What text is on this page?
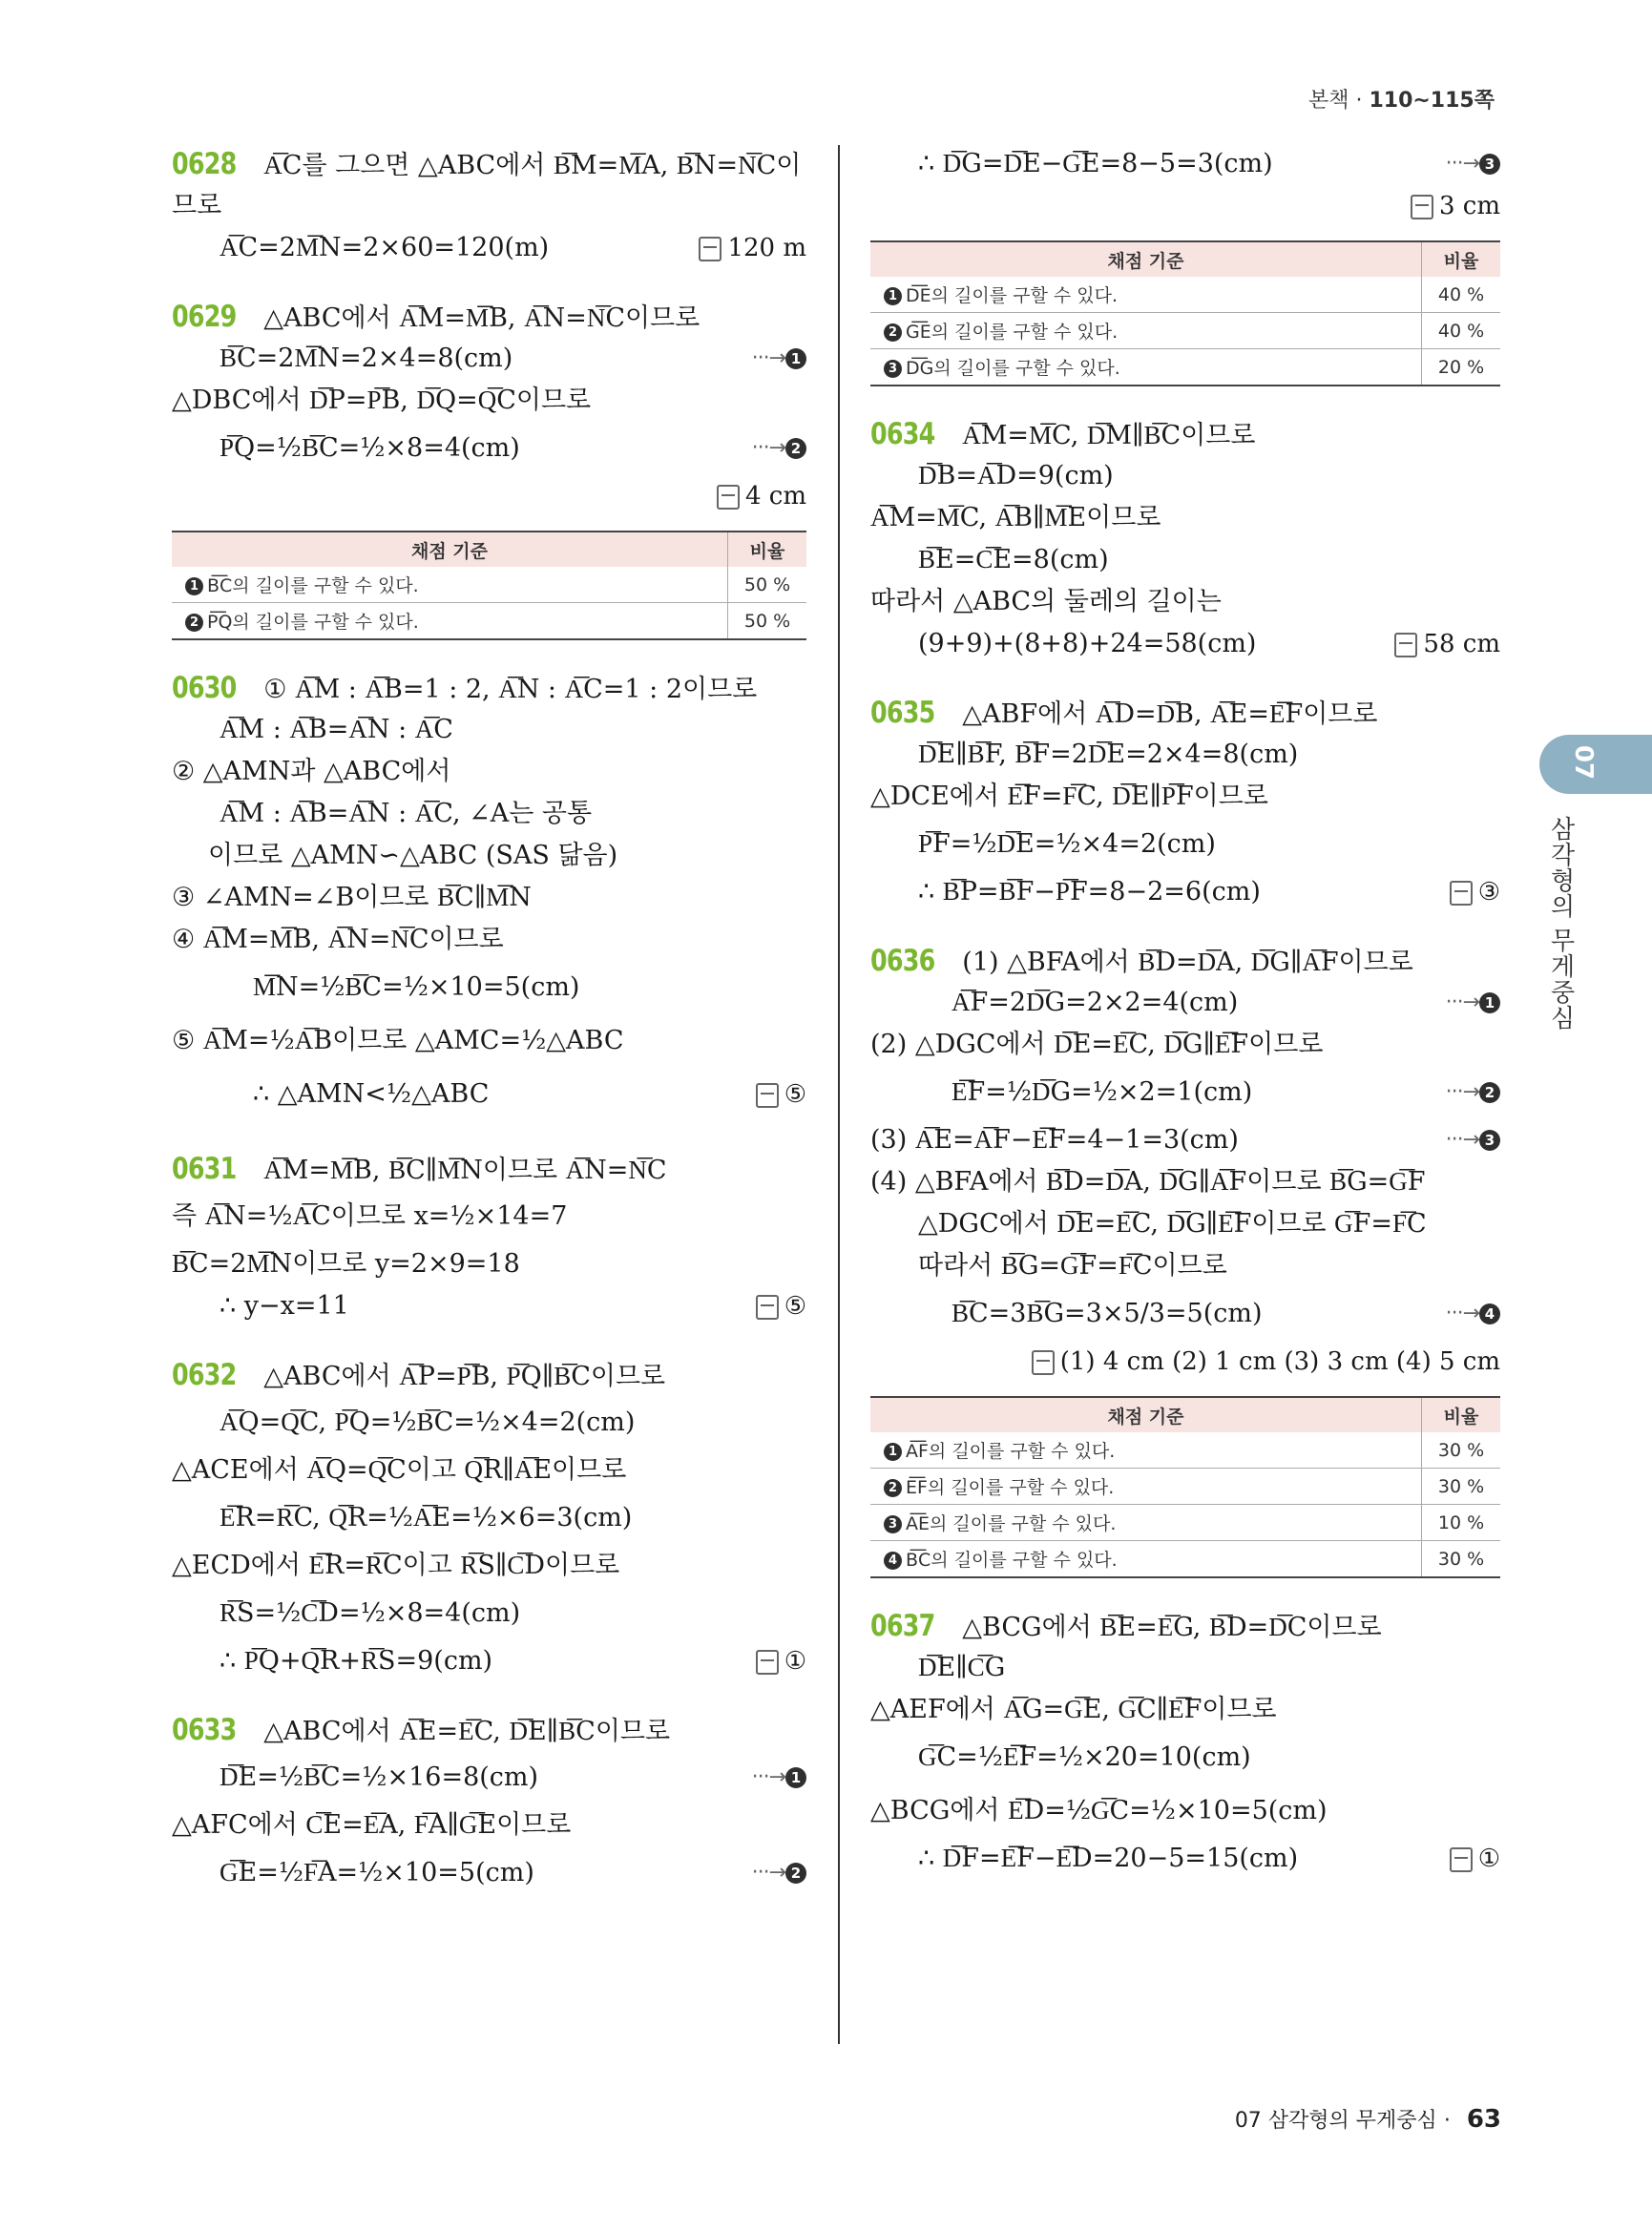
본책 · 110~115쪽
0628 A͞C를 그으면 △ABC에서 B͞M=M͞A, B͞N=N͞C이
므로
A͞C=2M͞N=2×60=120(m)	120 m
0629 △ABC에서 A͞M=M͞B, A͞N=N͞C이므로
B͞C=2M͞N=2×4=8(cm)	···→ 1
△DBC에서 D͞P=P͞B, D͞Q=Q͞C이므로
P͞Q=½B͞C=½×8=4(cm)	···→ 2
4 cm
채점 기준	비율
1 B͞C의 길이를 구할 수 있다.	50 %
2 P͞Q의 길이를 구할 수 있다.	50 %
0630 ① A͞M : A͞B=1 : 2, A͞N : A͞C=1 : 2이므로
A͞M : A͞B=A͞N : A͞C
② △AMN과 △ABC에서
A͞M : A͞B=A͞N : A͞C, ∠A는 공통
이므로 △AMN∽△ABC (SAS 닮음)
③ ∠AMN=∠B이므로 B͞C∥M͞N
④ A͞M=M͞B, A͞N=N͞C이므로
M͞N=½B͞C=½×10=5(cm)
⑤ A͞M=½A͞B이므로 △AMC=½△ABC
∴ △AMN<½△ABC	⑤
0631 A͞M=M͞B, B͞C∥M͞N이므로 A͞N=N͞C
즉 A͞N=½A͞C이므로 x=½×14=7
B͞C=2M͞N이므로 y=2×9=18
∴ y−x=11	⑤
0632 △ABC에서 A͞P=P͞B, P͞Q∥B͞C이므로
A͞Q=Q͞C, P͞Q=½B͞C=½×4=2(cm)
△ACE에서 A͞Q=Q͞C이고 Q͞R∥A͞E이므로
E͞R=R͞C, Q͞R=½A͞E=½×6=3(cm)
△ECD에서 E͞R=R͞C이고 R͞S∥C͞D이므로
R͞S=½C͞D=½×8=4(cm)
∴ P͞Q+Q͞R+R͞S=9(cm)	①
0633 △ABC에서 A͞E=E͞C, D͞E∥B͞C이므로
D͞E=½B͞C=½×16=8(cm)	···→ 1
△AFC에서 C͞E=E͞A, F͞A∥G͞E이므로
G͞E=½F͞A=½×10=5(cm)	···→ 2
∴ D͞G=D͞E−G͞E=8−5=3(cm)	···→ 3
3 cm
채점 기준	비율
1 D͞E의 길이를 구할 수 있다.	40 %
2 G͞E의 길이를 구할 수 있다.	40 %
3 D͞G의 길이를 구할 수 있다.	20 %
0634 A͞M=M͞C, D͞M∥B͞C이므로
D͞B=A͞D=9(cm)
A͞M=M͞C, A͞B∥M͞E이므로
B͞E=C͞E=8(cm)
따라서 △ABC의 둘레의 길이는
(9+9)+(8+8)+24=58(cm)	58 cm
0635 △ABF에서 A͞D=D͞B, A͞E=E͞F이므로
D͞E∥B͞F, B͞F=2D͞E=2×4=8(cm)
△DCE에서 E͞F=F͞C, D͞E∥P͞F이므로
P͞F=½D͞E=½×4=2(cm)
∴ B͞P=B͞F−P͞F=8−2=6(cm)	③
0636 (1) △BFA에서 B͞D=D͞A, D͞G∥A͞F이므로
A͞F=2D͞G=2×2=4(cm)	···→ 1
(2) △DGC에서 D͞E=E͞C, D͞G∥E͞F이므로
E͞F=½D͞G=½×2=1(cm)	···→ 2
(3) A͞E=A͞F−E͞F=4−1=3(cm)	···→ 3
(4) △BFA에서 B͞D=D͞A, D͞G∥A͞F이므로 B͞G=G͞F
△DGC에서 D͞E=E͞C, D͞G∥E͞F이므로 G͞F=F͞C
따라서 B͞G=G͞F=F͞C이므로
B͞C=3B͞G=3×5/3=5(cm)	···→ 4
(1) 4 cm (2) 1 cm (3) 3 cm (4) 5 cm
채점 기준	비율
1 A͞F의 길이를 구할 수 있다.	30 %
2 E͞F의 길이를 구할 수 있다.	30 %
3 A͞E의 길이를 구할 수 있다.	10 %
4 B͞C의 길이를 구할 수 있다.	30 %
0637 △BCG에서 B͞E=E͞G, B͞D=D͞C이므로
D͞E∥C͞G
△AEF에서 A͞G=G͞E, G͞C∥E͞F이므로
G͞C=½E͞F=½×20=10(cm)
△BCG에서 E͞D=½G͞C=½×10=5(cm)
∴ D͞F=E͞F−E͞D=20−5=15(cm)	①
07
삼각형의 무게중심
07 삼각형의 무게중심 · 63
